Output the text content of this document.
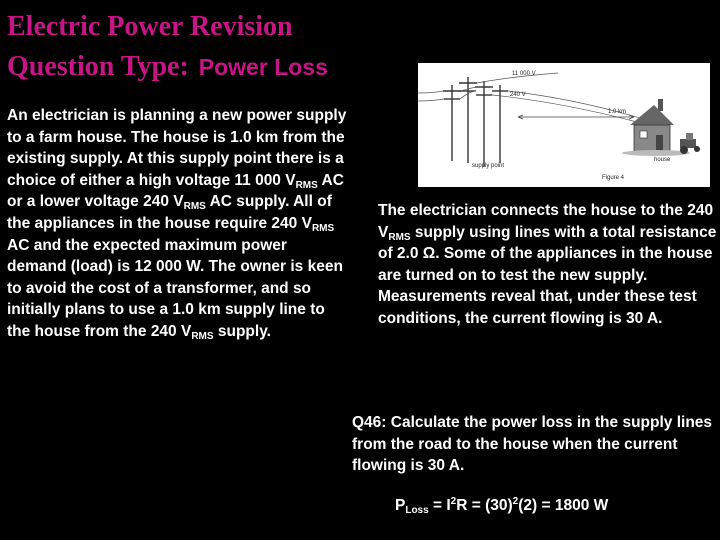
Electric Power Revision
Question Type: Power Loss
An electrician is planning a new power supply to a farm house. The house is 1.0 km from the existing supply. At this supply point there is a choice of either a high voltage 11 000 $V_{RMS}$ AC or a lower voltage 240 $V_{RMS}$ AC supply. All of the appliances in the house require 240 $V_{RMS}$ AC and the expected maximum power demand (load) is 12 000 W. The owner is keen to avoid the cost of a transformer, and so initially plans to use a 1.0 km supply line to the house from the 240 $V_{RMS}$ supply.
11 000 V
240 V
1.0 km
supply point
house
Figure 4
The electrician connects the house to the 240 $V_{RMS}$ supply using lines with a total resistance of 2.0 Ω. Some of the appliances in the house are turned on to test the new supply. Measurements reveal that, under these test conditions, the current flowing is 30 A.
Q46: Calculate the power loss in the supply lines from the road to the house when the current flowing is 30 A.
$P_{Loss} = I^2R = (30)^2(2) = 1800$ W
